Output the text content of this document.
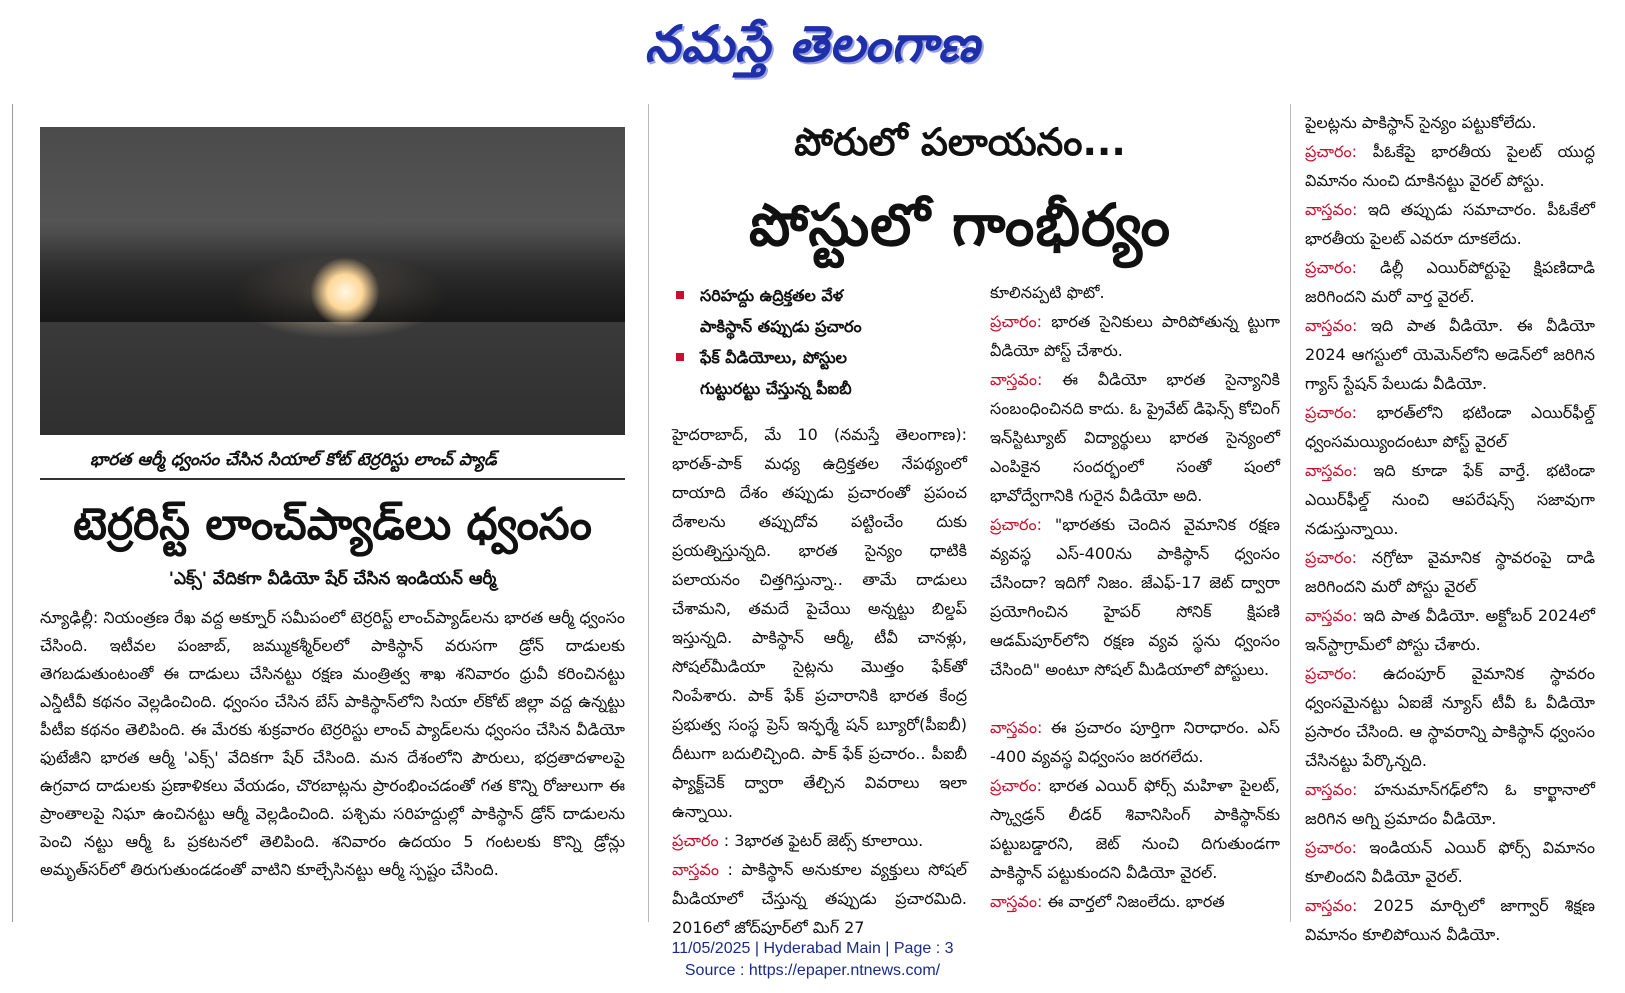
నమస్తే తెలంగాణ
భారత ఆర్మీ ధ్వంసం చేసిన సియాల్ కోట్ టెర్రరిస్టు లాంచ్ ప్యాడ్
టెర్రరిస్ట్ లాంచ్‌ప్యాడ్‌లు ధ్వంసం
'ఎక్స్' వేదికగా వీడియో షేర్ చేసిన ఇండియన్ ఆర్మీ
న్యూఢిల్లీ: నియంత్రణ రేఖ వద్ద అక్నూర్ సమీపంలో టెర్రరిస్ట్ లాంచ్‌ప్యాడ్‌లను భారత ఆర్మీ ధ్వంసం చేసింది. ఇటీవల పంజాబ్, జమ్ముకశ్మీర్‌లలో పాకిస్థాన్ వరుసగా డ్రోన్ దాడులకు తెగబడుతుంటంతో ఈ దాడులు చేసినట్టు రక్షణ మంత్రిత్వ శాఖ శనివారం ధ్రువీ కరించినట్టు ఎన్డీటీవీ కథనం వెల్లడించింది. ధ్వంసం చేసిన బేస్ పాకిస్థాన్‌లోని సియా ల్‌కోట్ జిల్లా వద్ద ఉన్నట్టు పీటీఐ కథనం తెలిపింది. ఈ మేరకు శుక్రవారం టెర్రరిస్టు లాంచ్ ప్యాడ్‌లను ధ్వంసం చేసిన వీడియో ఫుటేజీని భారత ఆర్మీ 'ఎక్స్' వేదికగా షేర్ చేసింది. మన దేశంలోని పౌరులు, భద్రతాదళాలపై ఉగ్రవాద దాడులకు ప్రణాళికలు వేయడం, చొరబాట్లను ప్రారంభించడంతో గత కొన్ని రోజులుగా ఈ ప్రాంతాలపై నిఘా ఉంచినట్టు ఆర్మీ వెల్లడించింది. పశ్చిమ సరిహద్దుల్లో పాకిస్థాన్ డ్రోన్ దాడులను పెంచి నట్టు ఆర్మీ ఓ ప్రకటనలో తెలిపింది. శనివారం ఉదయం 5 గంటలకు కొన్ని డ్రోన్లు అమృత్‌సర్‌లో తిరుగుతుండడంతో వాటిని కూల్చేసినట్టు ఆర్మీ స్పష్టం చేసింది.
పోరులో పలాయనం...
పోస్టులో గాంభీర్యం
సరిహద్దు ఉద్రిక్తతల వేళ
పాకిస్థాన్ తప్పుడు ప్రచారం
ఫేక్ వీడియోలు, పోస్టుల
గుట్టురట్టు చేస్తున్న పీఐబీ

హైదరాబాద్, మే 10 (నమస్తే తెలంగాణ): భారత్-పాక్ మధ్య ఉద్రిక్తతల నేపథ్యంలో దాయాది దేశం తప్పుడు ప్రచారంతో ప్రపంచ దేశాలను తప్పుదోవ పట్టించేం దుకు ప్రయత్నిస్తున్నది. భారత సైన్యం ధాటికి పలాయనం చిత్తగిస్తున్నా.. తామే దాడులు చేశామని, తమదే పైచేయి అన్నట్టు బిల్డప్ ఇస్తున్నది. పాకిస్థాన్ ఆర్మీ, టీవీ చానళ్లు, సోషల్‌మీడియా సైట్లను మొత్తం ఫేక్‌తో నింపేశారు. పాక్ ఫేక్ ప్రచారానికి భారత కేంద్ర ప్రభుత్వ సంస్థ ప్రెస్ ఇన్ఫర్మే షన్ బ్యూరో(పీఐబీ) దీటుగా బదులిచ్చింది. పాక్ ఫేక్ ప్రచారం.. పీఐబీ ఫ్యాక్ట్‌చెక్ ద్వారా తేల్చిన వివరాలు ఇలా ఉన్నాయి.

ప్రచారం : 3భారత ఫైటర్ జెట్స్ కూలాయి.

వాస్తవం : పాకిస్థాన్ అనుకూల వ్యక్తులు సోషల్ మీడియాలో చేస్తున్న తప్పుడు ప్రచారమిది. 2016లో జోద్‌పూర్‌లో మిగ్ 27

కూలినప్పటి ఫొటో.

ప్రచారం: భారత సైనికులు పారిపోతున్న ట్టుగా వీడియో పోస్ట్ చేశారు.

వాస్తవం: ఈ వీడియో భారత సైన్యానికి సంబంధించినది కాదు. ఓ ప్రైవేట్ డిఫెన్స్ కోచింగ్ ఇన్‌స్టిట్యూట్ విద్యార్థులు భారత సైన్యంలో ఎంపికైన సందర్భంలో సంతో షంలో భావోద్వేగానికి గురైన వీడియో అది.

ప్రచారం: "భారతకు చెందిన వైమానిక రక్షణ వ్యవస్థ ఎస్-400ను పాకిస్థాన్ ధ్వంసం చేసిందా? ఇదిగో నిజం. జేఎఫ్-17 జెట్ ద్వారా ప్రయోగించిన హైపర్ సోనిక్ క్షిపణి ఆడమ్‌పూర్‌లోని రక్షణ వ్యవ స్థను ధ్వంసం చేసింది" అంటూ సోషల్ మీడియాలో పోస్టులు.

వాస్తవం: ఈ ప్రచారం పూర్తిగా నిరాధారం. ఎస్ -400 వ్యవస్థ విధ్వంసం జరగలేదు.

ప్రచారం: భారత ఎయిర్ ఫోర్స్ మహిళా పైలట్, స్క్వాడ్రన్ లీడర్ శివానిసింగ్ పాకిస్థాన్‌కు పట్టుబడ్డారని, జెట్ నుంచి దిగుతుండగా పాకిస్థాన్ పట్టుకుందని వీడియో వైరల్.

వాస్తవం: ఈ వార్తలో నిజంలేదు. భారత

పైలట్లను పాకిస్థాన్ సైన్యం పట్టుకోలేదు.

ప్రచారం: పీఓకేపై భారతీయ పైలట్ యుద్ధ విమానం నుంచి దూకినట్టు వైరల్ పోస్టు.

వాస్తవం: ఇది తప్పుడు సమాచారం. పీఓకేలో భారతీయ పైలట్ ఎవరూ దూకలేదు.

ప్రచారం: డిల్లీ ఎయిర్‌పోర్టుపై క్షిపణిదాడి జరిగిందని మరో వార్త వైరల్.

వాస్తవం: ఇది పాత వీడియో. ఈ వీడియో 2024 ఆగస్టులో యెమెన్‌లోని అడెన్‌లో జరిగిన గ్యాస్ స్టేషన్ పేలుడు వీడియో.

ప్రచారం: భారత్‌లోని భటిండా ఎయిర్‌ఫీల్డ్ ధ్వంసమయ్యిందంటూ పోస్ట్ వైరల్

వాస్తవం: ఇది కూడా ఫేక్ వార్తే. భటిండా ఎయిర్‌ఫీల్డ్ నుంచి ఆపరేషన్స్ సజావుగా నడుస్తున్నాయి.

ప్రచారం: నగ్రోటా వైమానిక స్థావరంపై దాడి జరిగిందని మరో పోస్టు వైరల్

వాస్తవం: ఇది పాత వీడియో. అక్టోబర్ 2024లో ఇన్‌స్టాగ్రామ్‌లో పోస్టు చేశారు.

ప్రచారం: ఉదంపూర్ వైమానిక స్థావరం ధ్వంసమైనట్టు ఏఐజే న్యూస్ టీవీ ఓ వీడియో ప్రసారం చేసింది. ఆ స్థావరాన్ని పాకిస్థాన్ ధ్వంసం చేసినట్టు పేర్కొన్నది.

వాస్తవం: హనుమాన్‌గఢ్‌లోని ఓ కార్ఖానాలో జరిగిన అగ్ని ప్రమాదం వీడియో.

ప్రచారం: ఇండియన్ ఎయిర్ ఫోర్స్ విమానం కూలిందని వీడియో వైరల్.

వాస్తవం: 2025 మార్చిలో జాగ్వార్ శిక్షణ విమానం కూలిపోయిన వీడియో.

11/05/2025 | Hyderabad Main | Page : 3
Source : https://epaper.ntnews.com/
